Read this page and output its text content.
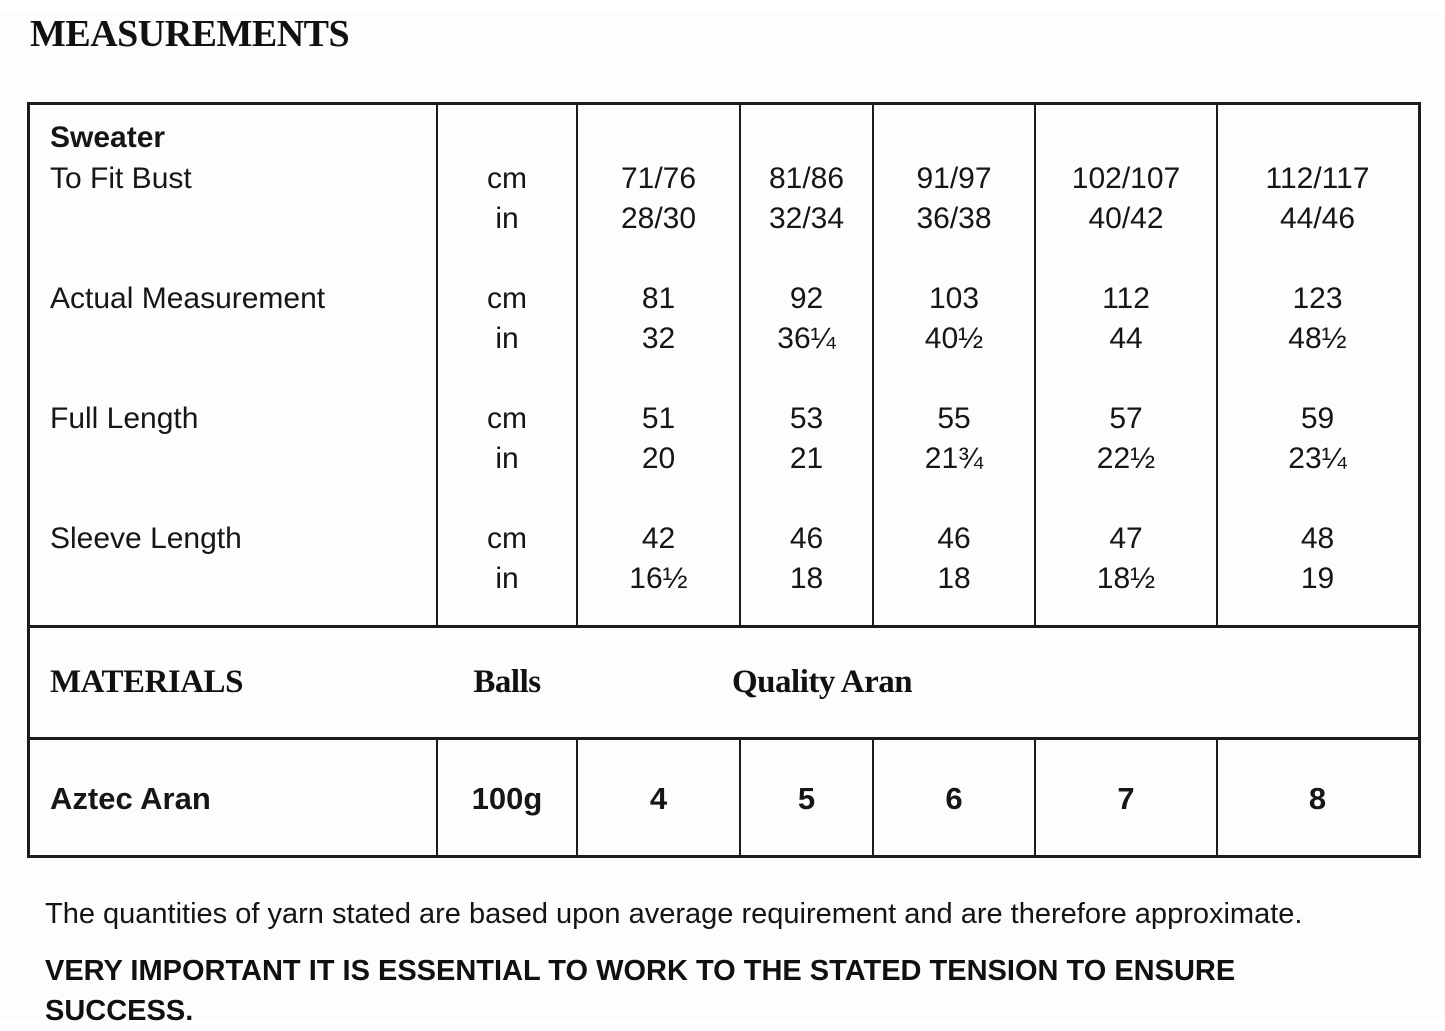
MEASUREMENTS
Sweater
To Fit Bust	cm	71/76	81/86	91/97	102/107	112/117
in	28/30	32/34	36/38	40/42	44/46
Actual Measurement	cm	81	92	103	112	123
in	32	36¼	40½	44	48½
Full Length	cm	51	53	55	57	59
in	20	21	21¾	22½	23¼
Sleeve Length	cm	42	46	46	47	48
in	16½	18	18	18½	19
MATERIALS	Balls	Quality Aran
Aztec Aran	100g	4	5	6	7	8
The quantities of yarn stated are based upon average requirement and are therefore approximate.
VERY IMPORTANT IT IS ESSENTIAL TO WORK TO THE STATED TENSION TO ENSURE SUCCESS.
